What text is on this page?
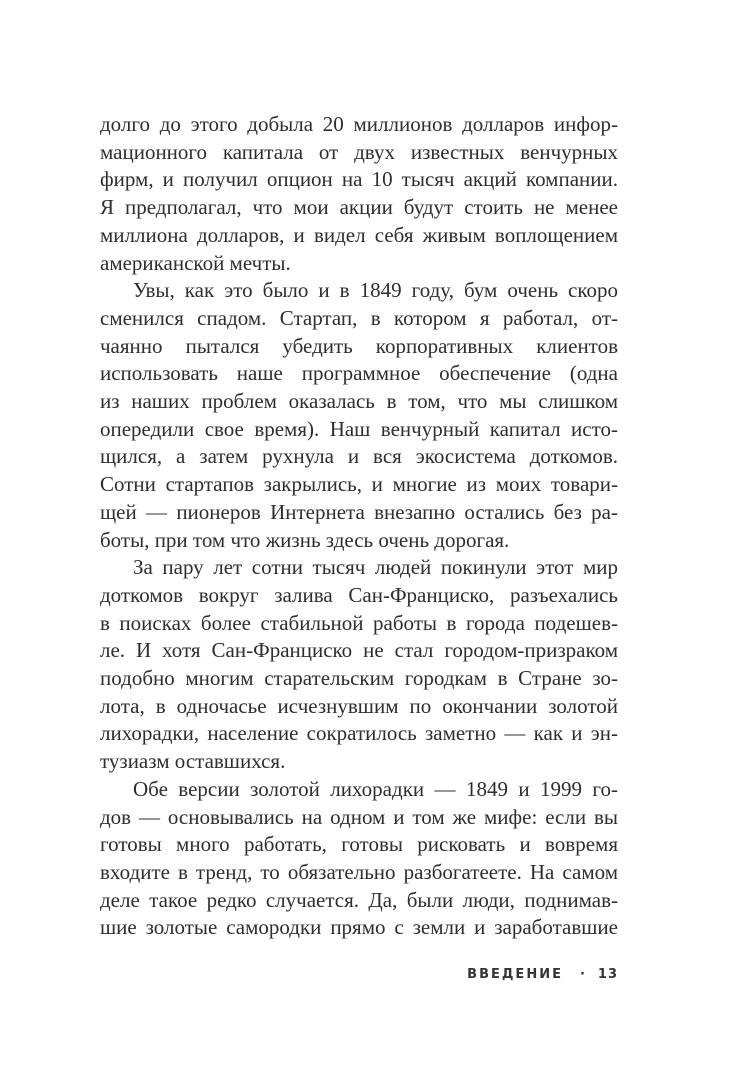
долго до этого добыла 20 миллионов долларов инфор-
мационного капитала от двух известных венчурных
фирм, и получил опцион на 10 тысяч акций компании.
Я предполагал, что мои акции будут стоить не менее
миллиона долларов, и видел себя живым воплощением
американской мечты.
Увы, как это было и в 1849 году, бум очень скоро
сменился спадом. Стартап, в котором я работал, от-
чаянно пытался убедить корпоративных клиентов
использовать наше программное обеспечение (одна
из наших проблем оказалась в том, что мы слишком
опередили свое время). Наш венчурный капитал исто-
щился, а затем рухнула и вся экосистема доткомов.
Сотни стартапов закрылись, и многие из моих товари-
щей — пионеров Интернета внезапно остались без ра-
боты, при том что жизнь здесь очень дорогая.
За пару лет сотни тысяч людей покинули этот мир
доткомов вокруг залива Сан-Франциско, разъехались
в поисках более стабильной работы в города подешев-
ле. И хотя Сан-Франциско не стал городом-призраком
подобно многим старательским городкам в Стране зо-
лота, в одночасье исчезнувшим по окончании золотой
лихорадки, население сократилось заметно — как и эн-
тузиазм оставшихся.
Обе версии золотой лихорадки — 1849 и 1999 го-
дов — основывались на одном и том же мифе: если вы
готовы много работать, готовы рисковать и вовремя
входите в тренд, то обязательно разбогатеете. На самом
деле такое редко случается. Да, были люди, поднимав-
шие золотые самородки прямо с земли и заработавшие
ВВЕДЕНИЕ · 13
